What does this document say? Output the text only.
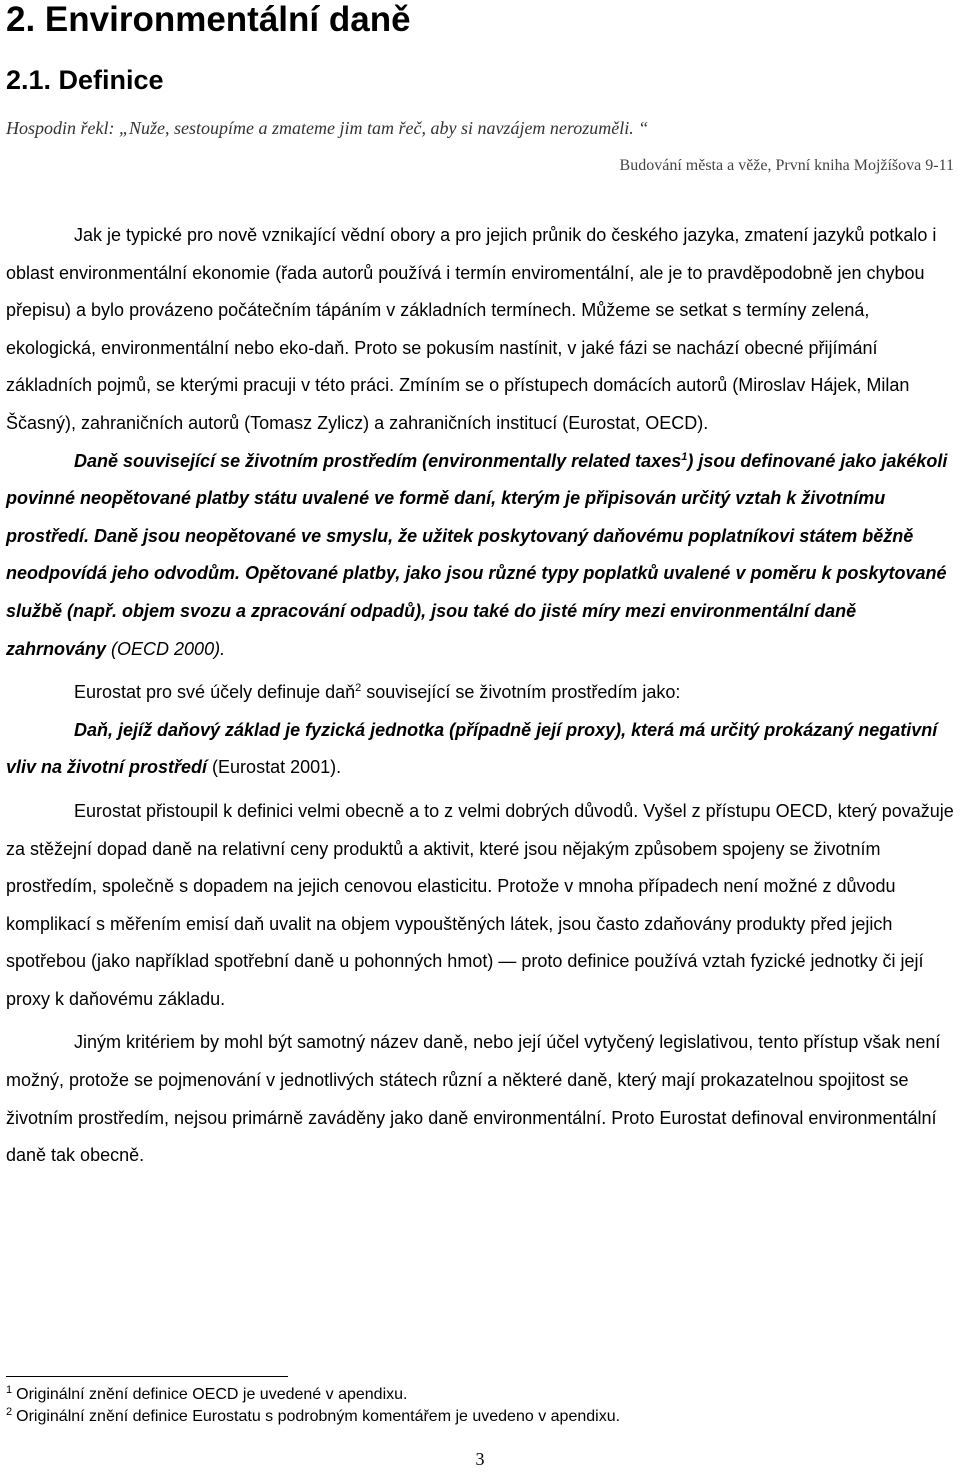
2. Environmentální daně
2.1. Definice
Hospodin řekl: „Nuže, sestoupíme a zmateme jim tam řeč, aby si navzájem nerozuměli. “
Budování města a věže, První kniha Mojžíšova 9-11

Jak je typické pro nově vznikající vědní obory a pro jejich průnik do českého jazyka, zmatení jazyků potkalo i oblast environmentální ekonomie (řada autorů používá i termín enviromentální, ale je to pravděpodobně jen chybou přepisu) a bylo provázeno počátečním tápáním v základních termínech. Můžeme se setkat s termíny zelená, ekologická, environmentální nebo eko-daň. Proto se pokusím nastínit, v jaké fázi se nachází obecné přijímání základních pojmů, se kterými pracuji v této práci. Zmíním se o přístupech domácích autorů (Miroslav Hájek, Milan Ščasný), zahraničních autorů (Tomasz Zylicz) a zahraničních institucí (Eurostat, OECD).

Daně související se životním prostředím (environmentally related taxes$^1$) jsou definované jako jakékoli povinné neopětované platby státu uvalené ve formě daní, kterým je připisován určitý vztah k životnímu prostředí. Daně jsou neopětované ve smyslu, že užitek poskytovaný daňovému poplatníkovi státem běžně neodpovídá jeho odvodům. Opětované platby, jako jsou různé typy poplatků uvalené v poměru k poskytované službě (např. objem svozu a zpracování odpadů), jsou také do jisté míry mezi environmentální daně zahrnovány (OECD 2000).

Eurostat pro své účely definuje daň$^2$ související se životním prostředím jako:

Daň, jejíž daňový základ je fyzická jednotka (případně její proxy), která má určitý prokázaný negativní vliv na životní prostředí (Eurostat 2001).

Eurostat přistoupil k definici velmi obecně a to z velmi dobrých důvodů. Vyšel z přístupu OECD, který považuje za stěžejní dopad daně na relativní ceny produktů a aktivit, které jsou nějakým způsobem spojeny se životním prostředím, společně s dopadem na jejich cenovou elasticitu. Protože v mnoha případech není možné z důvodu komplikací s měřením emisí daň uvalit na objem vypouštěných látek, jsou často zdaňovány produkty před jejich spotřebou (jako například spotřební daně u pohonných hmot) — proto definice používá vztah fyzické jednotky či její proxy k daňovému základu.

Jiným kritériem by mohl být samotný název daně, nebo její účel vytyčený legislativou, tento přístup však není možný, protože se pojmenování v jednotlivých státech různí a některé daně, který mají prokazatelnou spojitost se životním prostředím, nejsou primárně zaváděny jako daně environmentální. Proto Eurostat definoval environmentální daně tak obecně.

$^1$ Originální znění definice OECD je uvedené v apendixu.
$^2$ Originální znění definice Eurostatu s podrobným komentářem je uvedeno v apendixu.
3
